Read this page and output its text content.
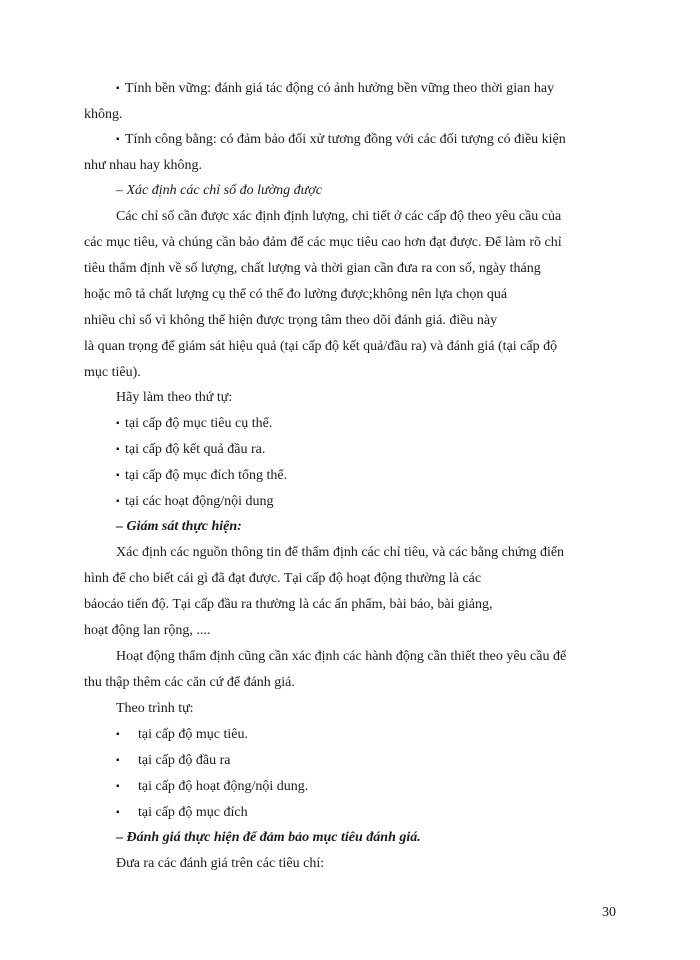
▪ Tính bền vững: đánh giá tác động có ảnh hưởng bền vững theo thời gian hay
không.
▪ Tính công bằng: có đảm bảo đối xử tương đồng với các đối tượng có điều kiện
như nhau hay không.
– Xác định các chỉ số đo lường được
Các chỉ số cần được xác định định lượng, chi tiết ở các cấp độ theo yêu cầu của
các mục tiêu, và chúng cần bảo đảm để các mục tiêu cao hơn đạt được. Để làm rõ chỉ
tiêu thẩm định về số lượng, chất lượng và thời gian cần đưa ra con số, ngày tháng
hoặc mô tả chất lượng cụ thể có thể đo lường được;không nên lựa chọn quá
nhiều chỉ số vì không thể hiện được trọng tâm theo dõi đánh giá. điều này
là quan trọng để giám sát hiệu quả (tại cấp độ kết quả/đầu ra) và đánh giá (tại cấp độ
mục tiêu).
Hãy làm theo thứ tự:
▪ tại cấp độ mục tiêu cụ thể.
▪ tại cấp độ kết quả đầu ra.
▪ tại cấp độ mục đích tổng thể.
▪ tại các hoạt động/nội dung
– Giám sát thực hiện:
Xác định các nguồn thông tin để thẩm định các chỉ tiêu, và các bằng chứng điển
hình để cho biết cái gì đã đạt được. Tại cấp độ hoạt động thường là các
báocáo tiến độ. Tại cấp đầu ra thường là các ấn phẩm, bài báo, bài giảng,
hoạt động lan rộng, ....
Hoạt động thẩm định cũng cần xác định các hành động cần thiết theo yêu cầu để
thu thập thêm các căn cứ để đánh giá.
Theo trình tự:
▪ tại cấp độ mục tiêu.
▪ tại cấp độ đầu ra
▪ tại cấp độ hoạt động/nội dung.
▪ tại cấp độ mục đích
– Đánh giá thực hiện để đảm bảo mục tiêu đánh giá.
Đưa ra các đánh giá trên các tiêu chí:
30
